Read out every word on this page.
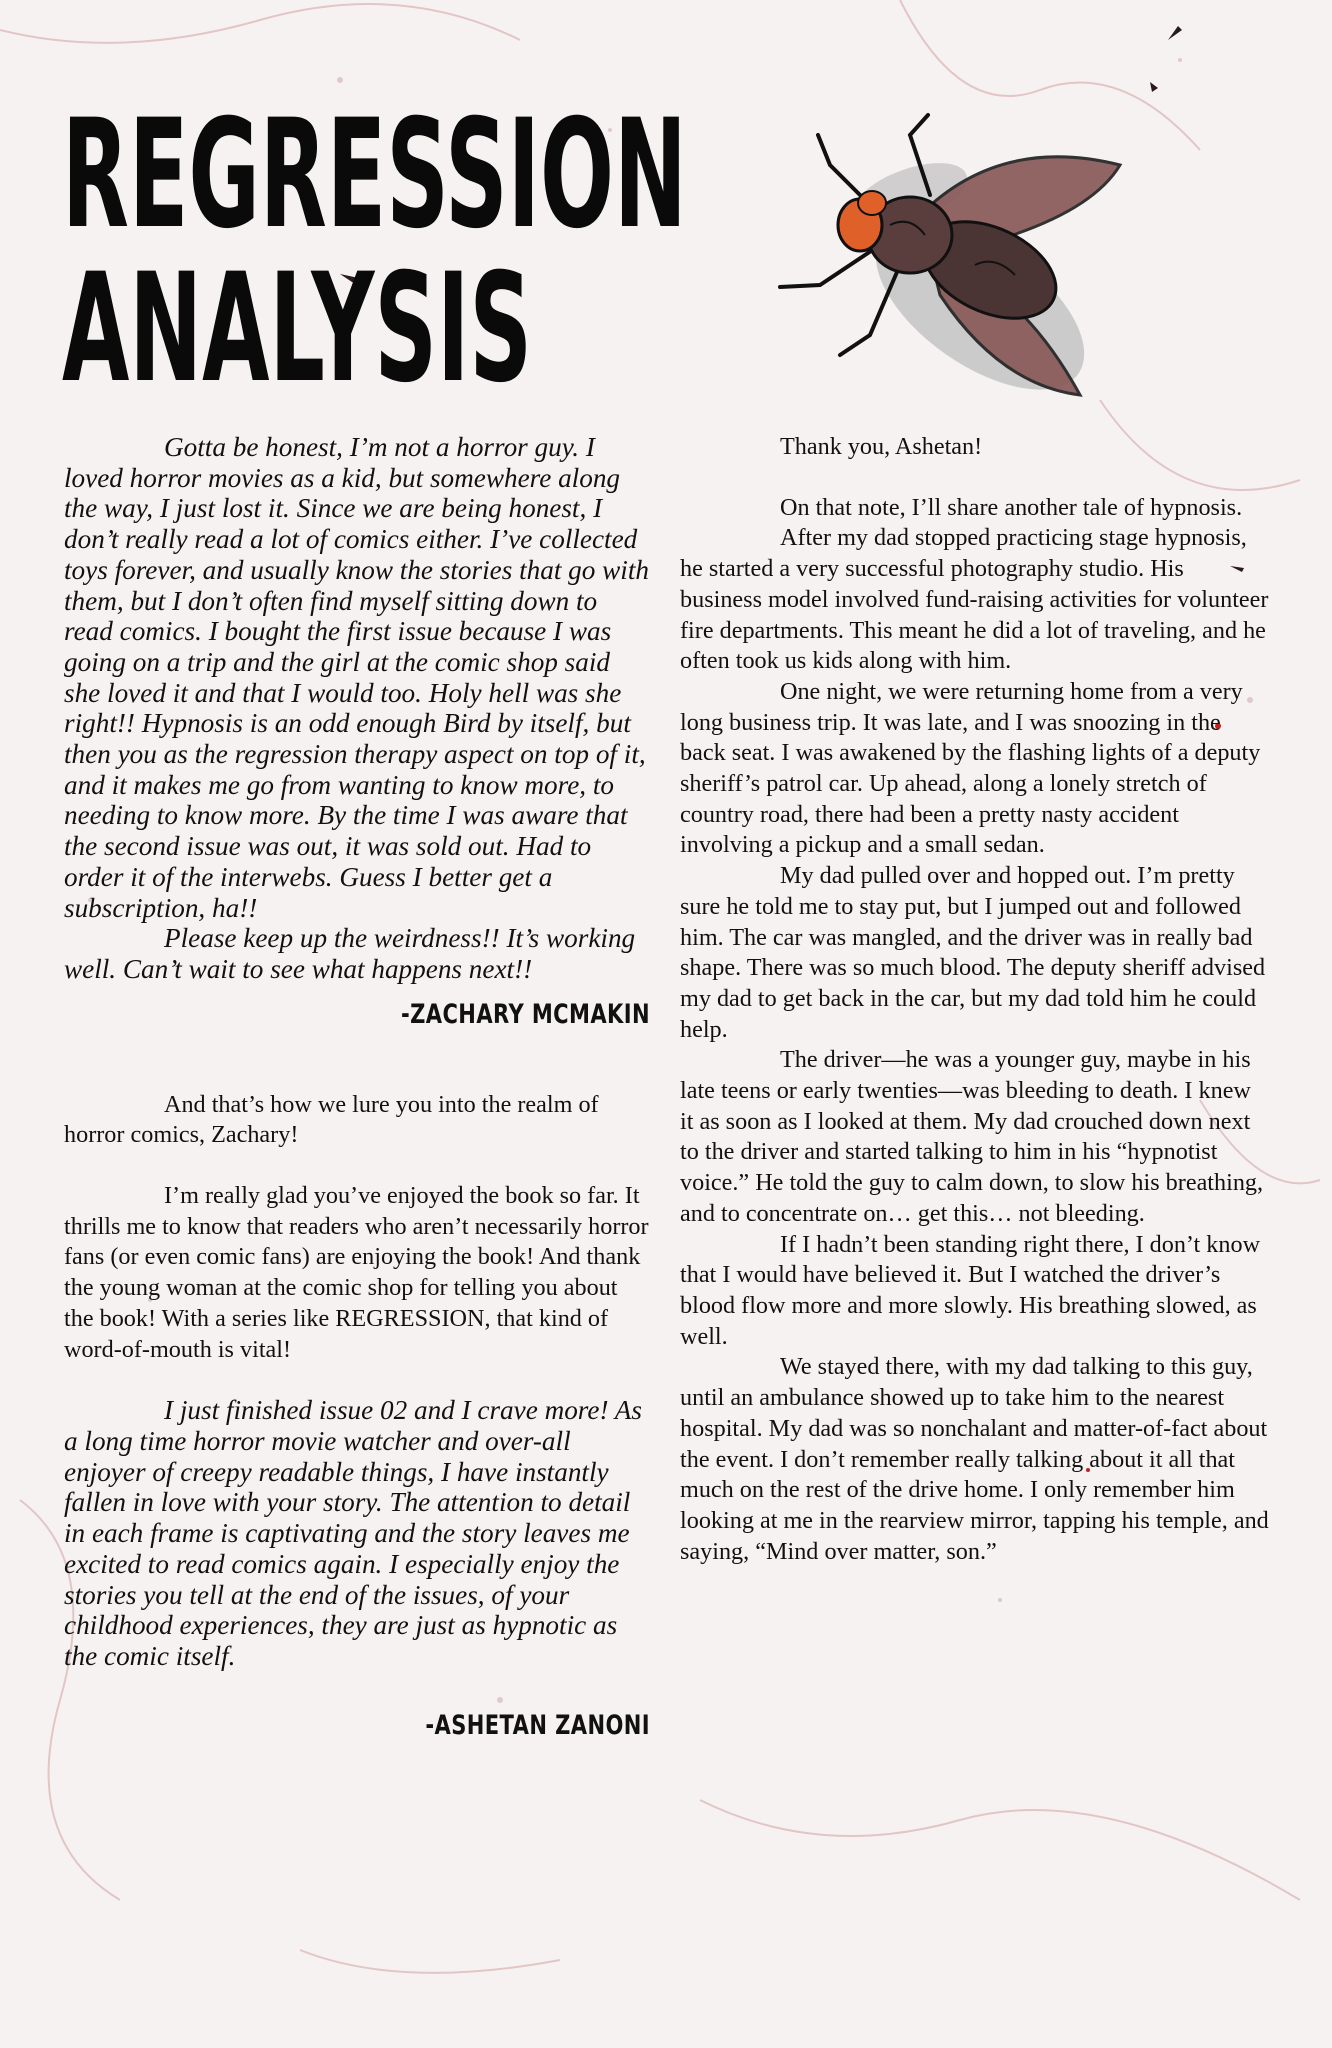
REGRESSION
ANALYSIS

Gotta be honest, I’m not a horror guy. I loved horror movies as a kid, but somewhere along the way, I just lost it. Since we are being honest, I don’t really read a lot of comics either. I’ve collected toys forever, and usually know the stories that go with them, but I don’t often find myself sitting down to read comics. I bought the first issue because I was going on a trip and the girl at the comic shop said she loved it and that I would too. Holy hell was she right!! Hypnosis is an odd enough Bird by itself, but then you as the regression therapy aspect on top of it, and it makes me go from wanting to know more, to needing to know more. By the time I was aware that the second issue was out, it was sold out. Had to order it of the interwebs. Guess I better get a subscription, ha!!

Please keep up the weirdness!! It’s working well. Can’t wait to see what happens next!!

-ZACHARY MCMAKIN

And that’s how we lure you into the realm of horror comics, Zachary!

I’m really glad you’ve enjoyed the book so far. It thrills me to know that readers who aren’t necessarily horror fans (or even comic fans) are enjoying the book! And thank the young woman at the comic shop for telling you about the book! With a series like REGRESSION, that kind of word-of-mouth is vital!

I just finished issue 02 and I crave more! As a long time horror movie watcher and over-all enjoyer of creepy readable things, I have instantly fallen in love with your story. The attention to detail in each frame is captivating and the story leaves me excited to read comics again. I especially enjoy the stories you tell at the end of the issues, of your childhood experiences, they are just as hypnotic as the comic itself.

-ASHETAN ZANONI

Thank you, Ashetan!

On that note, I’ll share another tale of hypnosis.

After my dad stopped practicing stage hypnosis, he started a very successful photography studio. His business model involved fund-raising activities for volunteer fire departments. This meant he did a lot of traveling, and he often took us kids along with him.

One night, we were returning home from a very long business trip. It was late, and I was snoozing in the back seat. I was awakened by the flashing lights of a deputy sheriff’s patrol car. Up ahead, along a lonely stretch of country road, there had been a pretty nasty accident involving a pickup and a small sedan.

My dad pulled over and hopped out. I’m pretty sure he told me to stay put, but I jumped out and followed him. The car was mangled, and the driver was in really bad shape. There was so much blood. The deputy sheriff advised my dad to get back in the car, but my dad told him he could help.

The driver—he was a younger guy, maybe in his late teens or early twenties—was bleeding to death. I knew it as soon as I looked at them. My dad crouched down next to the driver and started talking to him in his “hypnotist voice.” He told the guy to calm down, to slow his breathing, and to concentrate on… get this… not bleeding.

If I hadn’t been standing right there, I don’t know that I would have believed it. But I watched the driver’s blood flow more and more slowly. His breathing slowed, as well.

We stayed there, with my dad talking to this guy, until an ambulance showed up to take him to the nearest hospital. My dad was so nonchalant and matter-of-fact about the event. I don’t remember really talking about it all that much on the rest of the drive home. I only remember him looking at me in the rearview mirror, tapping his temple, and saying, “Mind over matter, son.”
